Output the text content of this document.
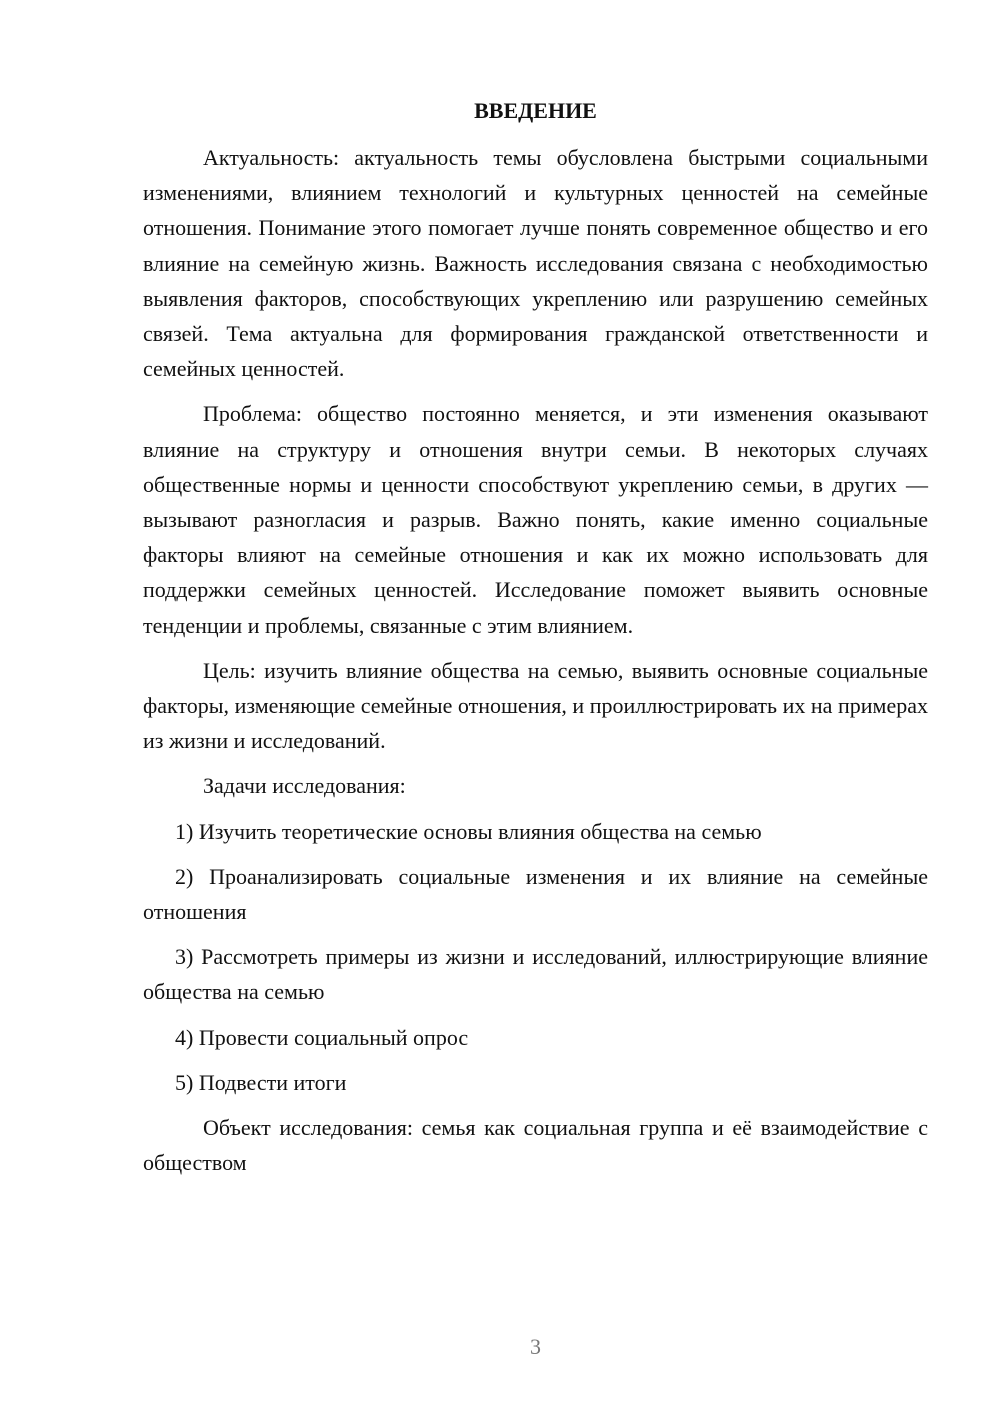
ВВЕДЕНИЕ

Актуальность: актуальность темы обусловлена быстрыми социальными изменениями, влиянием технологий и культурных ценностей на семейные отношения. Понимание этого помогает лучше понять современное общество и его влияние на семейную жизнь. Важность исследования связана с необходимостью выявления факторов, способствующих укреплению или разрушению семейных связей. Тема актуальна для формирования гражданской ответственности и семейных ценностей.

Проблема: общество постоянно меняется, и эти изменения оказывают влияние на структуру и отношения внутри семьи. В некоторых случаях общественные нормы и ценности способствуют укреплению семьи, в других — вызывают разногласия и разрыв. Важно понять, какие именно социальные факторы влияют на семейные отношения и как их можно использовать для поддержки семейных ценностей. Исследование поможет выявить основные тенденции и проблемы, связанные с этим влиянием.

Цель: изучить влияние общества на семью, выявить основные социальные факторы, изменяющие семейные отношения, и проиллюстрировать их на примерах из жизни и исследований.

Задачи исследования:

1) Изучить теоретические основы влияния общества на семью

2) Проанализировать социальные изменения и их влияние на семейные отношения

3) Рассмотреть примеры из жизни и исследований, иллюстрирующие влияние общества на семью

4) Провести социальный опрос

5) Подвести итоги

Объект исследования: семья как социальная группа и её взаимодействие с обществом

3
